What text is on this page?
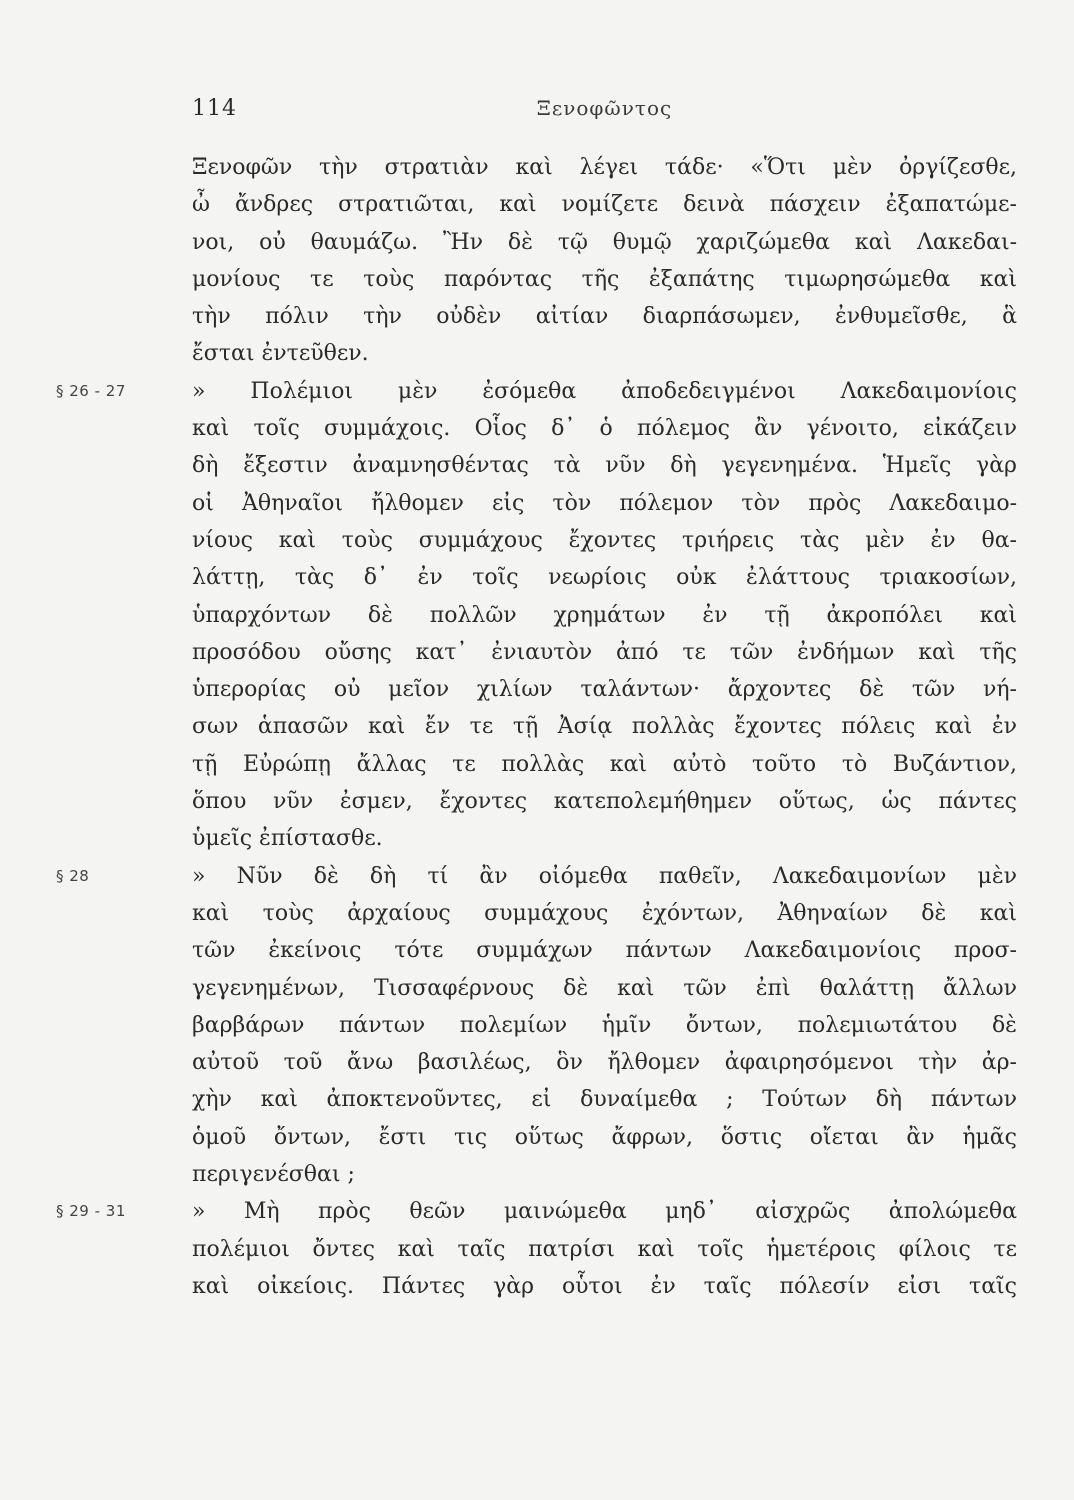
114	Ξενοφῶντος
Ξενοφῶν τὴν στρατιὰν καὶ λέγει τάδε· «Ὅτι μὲν ὀργίζεσθε,
ὦ ἄνδρες στρατιῶται, καὶ νομίζετε δεινὰ πάσχειν ἐξαπατώμε-
νοι, οὐ θαυμάζω. Ἢν δὲ τῷ θυμῷ χαριζώμεθα καὶ Λακεδαι-
μονίους τε τοὺς παρόντας τῆς ἐξαπάτης τιμωρησώμεθα καὶ
τὴν πόλιν τὴν οὐδὲν αἰτίαν διαρπάσωμεν, ἐνθυμεῖσθε, ἃ
ἔσται ἐντεῦθεν.
§ 26 - 27	» Πολέμιοι μὲν ἐσόμεθα ἀποδεδειγμένοι Λακεδαιμονίοις
καὶ τοῖς συμμάχοις. Οἷος δ᾽ ὁ πόλεμος ἂν γένοιτο, εἰκάζειν
δὴ ἔξεστιν ἀναμνησθέντας τὰ νῦν δὴ γεγενημένα. Ἡμεῖς γὰρ
οἱ Ἀθηναῖοι ἤλθομεν εἰς τὸν πόλεμον τὸν πρὸς Λακεδαιμο-
νίους καὶ τοὺς συμμάχους ἔχοντες τριήρεις τὰς μὲν ἐν θα-
λάττῃ, τὰς δ᾽ ἐν τοῖς νεωρίοις οὐκ ἐλάττους τριακοσίων,
ὑπαρχόντων δὲ πολλῶν χρημάτων ἐν τῇ ἀκροπόλει καὶ
προσόδου οὔσης κατ᾽ ἐνιαυτὸν ἀπό τε τῶν ἐνδήμων καὶ τῆς
ὑπερορίας οὐ μεῖον χιλίων ταλάντων· ἄρχοντες δὲ τῶν νή-
σων ἁπασῶν καὶ ἔν τε τῇ Ἀσίᾳ πολλὰς ἔχοντες πόλεις καὶ ἐν
τῇ Εὐρώπῃ ἄλλας τε πολλὰς καὶ αὐτὸ τοῦτο τὸ Βυζάντιον,
ὅπου νῦν ἐσμεν, ἔχοντες κατεπολεμήθημεν οὕτως, ὡς πάντες
ὑμεῖς ἐπίστασθε.
§ 28	» Νῦν δὲ δὴ τί ἂν οἰόμεθα παθεῖν, Λακεδαιμονίων μὲν
καὶ τοὺς ἀρχαίους συμμάχους ἐχόντων, Ἀθηναίων δὲ καὶ
τῶν ἐκείνοις τότε συμμάχων πάντων Λακεδαιμονίοις προσ-
γεγενημένων, Τισσαφέρνους δὲ καὶ τῶν ἐπὶ θαλάττῃ ἄλλων
βαρβάρων πάντων πολεμίων ἡμῖν ὄντων, πολεμιωτάτου δὲ
αὐτοῦ τοῦ ἄνω βασιλέως, ὃν ἤλθομεν ἀφαιρησόμενοι τὴν ἀρ-
χὴν καὶ ἀποκτενοῦντες, εἰ δυναίμεθα ; Τούτων δὴ πάντων
ὁμοῦ ὄντων, ἔστι τις οὕτως ἄφρων, ὅστις οἴεται ἂν ἡμᾶς
περιγενέσθαι ;
§ 29 - 31	» Μὴ πρὸς θεῶν μαινώμεθα μηδ᾽ αἰσχρῶς ἀπολώμεθα
πολέμιοι ὄντες καὶ ταῖς πατρίσι καὶ τοῖς ἡμετέροις φίλοις τε
καὶ οἰκείοις. Πάντες γὰρ οὗτοι ἐν ταῖς πόλεσίν εἰσι ταῖς
